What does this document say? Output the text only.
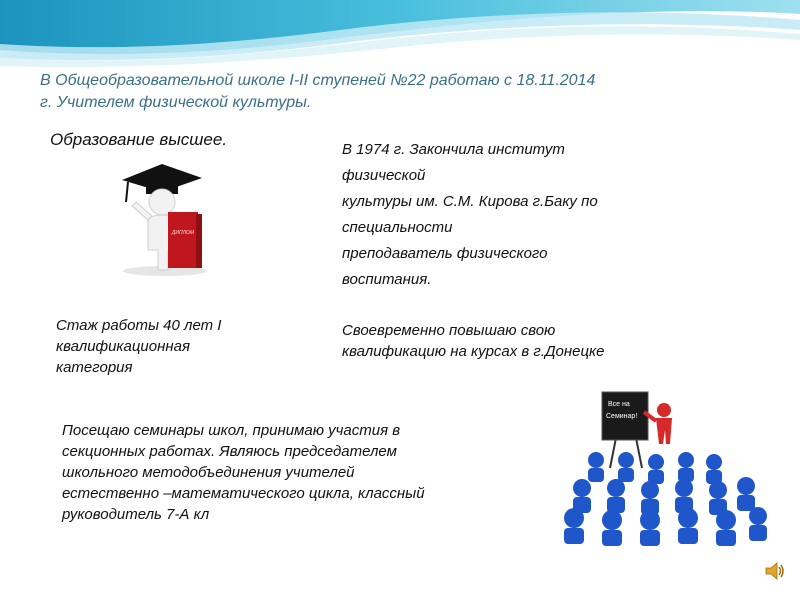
В Общеобразовательной школе I-II ступеней №22 работаю с 18.11.2014
г. Учителем физической культуры.
Образование высшее.
ДИПЛОМ
В 1974 г. Закончила институт
физической
культуры им. С.М. Кирова г.Баку по
специальности
преподаватель физического
воспитания.
Стаж работы 40 лет I
квалификационная
категория
Своевременно повышаю свою
квалификацию на курсах в г.Донецке
Посещаю семинары школ, принимаю участия в
секционных работах. Являюсь председателем
школьного методобъединения учителей
естественно –математического цикла, классный
руководитель 7-А кл
Все на
Семинар!
